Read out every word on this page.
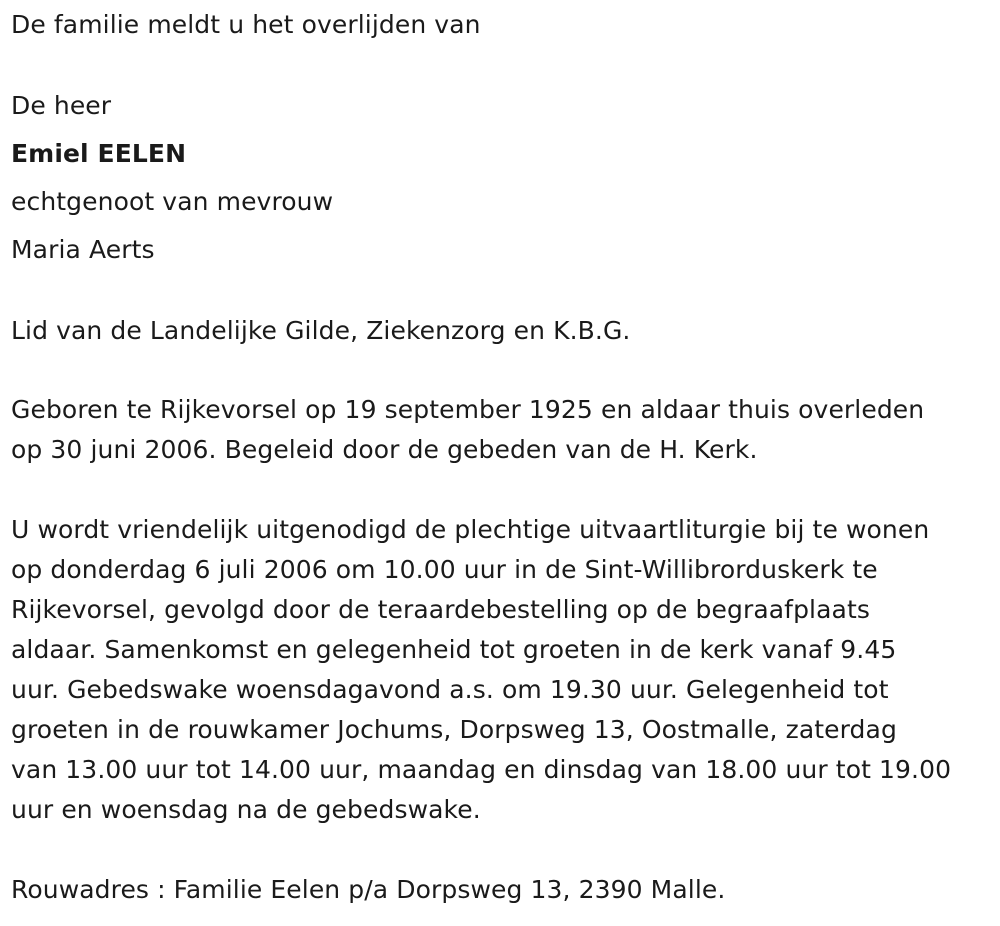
De familie meldt u het overlijden van
De heer
Emiel EELEN
echtgenoot van mevrouw
Maria Aerts
Lid van de Landelijke Gilde, Ziekenzorg en K.B.G.
Geboren te Rijkevorsel op 19 september 1925 en aldaar thuis overleden
op 30 juni 2006. Begeleid door de gebeden van de H. Kerk.
U wordt vriendelijk uitgenodigd de plechtige uitvaartliturgie bij te wonen
op donderdag 6 juli 2006 om 10.00 uur in de Sint-Willibrorduskerk te
Rijkevorsel, gevolgd door de teraardebestelling op de begraafplaats
aldaar. Samenkomst en gelegenheid tot groeten in de kerk vanaf 9.45
uur. Gebedswake woensdagavond a.s. om 19.30 uur. Gelegenheid tot
groeten in de rouwkamer Jochums, Dorpsweg 13, Oostmalle, zaterdag
van 13.00 uur tot 14.00 uur, maandag en dinsdag van 18.00 uur tot 19.00
uur en woensdag na de gebedswake.
Rouwadres : Familie Eelen p/a Dorpsweg 13, 2390 Malle.
